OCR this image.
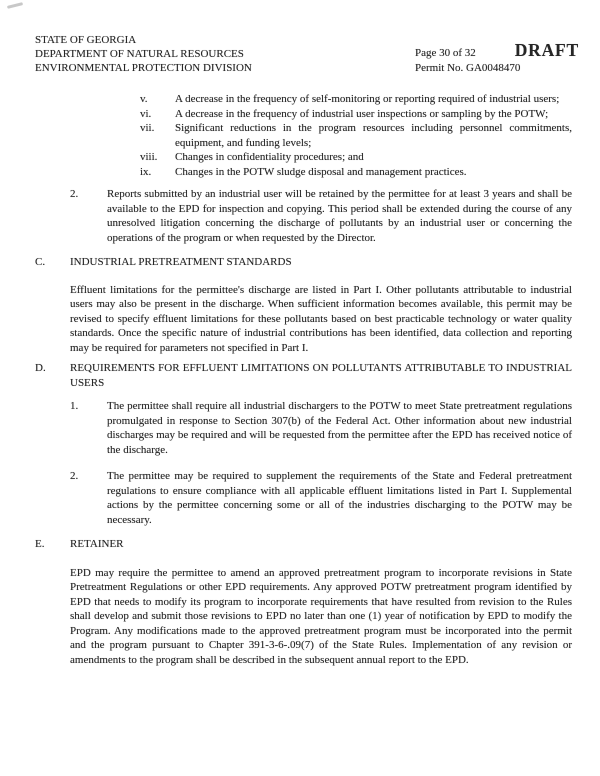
STATE OF GEORGIA
DEPARTMENT OF NATURAL RESOURCES
ENVIRONMENTAL PROTECTION DIVISION
Page 30 of 32
Permit No. GA0048470
DRAFT
v.	A decrease in the frequency of self-monitoring or reporting required of industrial users;
vi.	A decrease in the frequency of industrial user inspections or sampling by the POTW;
vii.	Significant reductions in the program resources including personnel commitments, equipment, and funding levels;
viii.	Changes in confidentiality procedures; and
ix.	Changes in the POTW sludge disposal and management practices.
2.	Reports submitted by an industrial user will be retained by the permittee for at least 3 years and shall be available to the EPD for inspection and copying. This period shall be extended during the course of any unresolved litigation concerning the discharge of pollutants by an industrial user or concerning the operations of the program or when requested by the Director.
C.	INDUSTRIAL PRETREATMENT STANDARDS
Effluent limitations for the permittee's discharge are listed in Part I. Other pollutants attributable to industrial users may also be present in the discharge. When sufficient information becomes available, this permit may be revised to specify effluent limitations for these pollutants based on best practicable technology or water quality standards. Once the specific nature of industrial contributions has been identified, data collection and reporting may be required for parameters not specified in Part I.
D.	REQUIREMENTS FOR EFFLUENT LIMITATIONS ON POLLUTANTS ATTRIBUTABLE TO INDUSTRIAL USERS
1.	The permittee shall require all industrial dischargers to the POTW to meet State pretreatment regulations promulgated in response to Section 307(b) of the Federal Act. Other information about new industrial discharges may be required and will be requested from the permittee after the EPD has received notice of the discharge.
2.	The permittee may be required to supplement the requirements of the State and Federal pretreatment regulations to ensure compliance with all applicable effluent limitations listed in Part I. Supplemental actions by the permittee concerning some or all of the industries discharging to the POTW may be necessary.
E.	RETAINER
EPD may require the permittee to amend an approved pretreatment program to incorporate revisions in State Pretreatment Regulations or other EPD requirements. Any approved POTW pretreatment program identified by EPD that needs to modify its program to incorporate requirements that have resulted from revision to the Rules shall develop and submit those revisions to EPD no later than one (1) year of notification by EPD to modify the Program. Any modifications made to the approved pretreatment program must be incorporated into the permit and the program pursuant to Chapter 391-3-6-.09(7) of the State Rules. Implementation of any revision or amendments to the program shall be described in the subsequent annual report to the EPD.
